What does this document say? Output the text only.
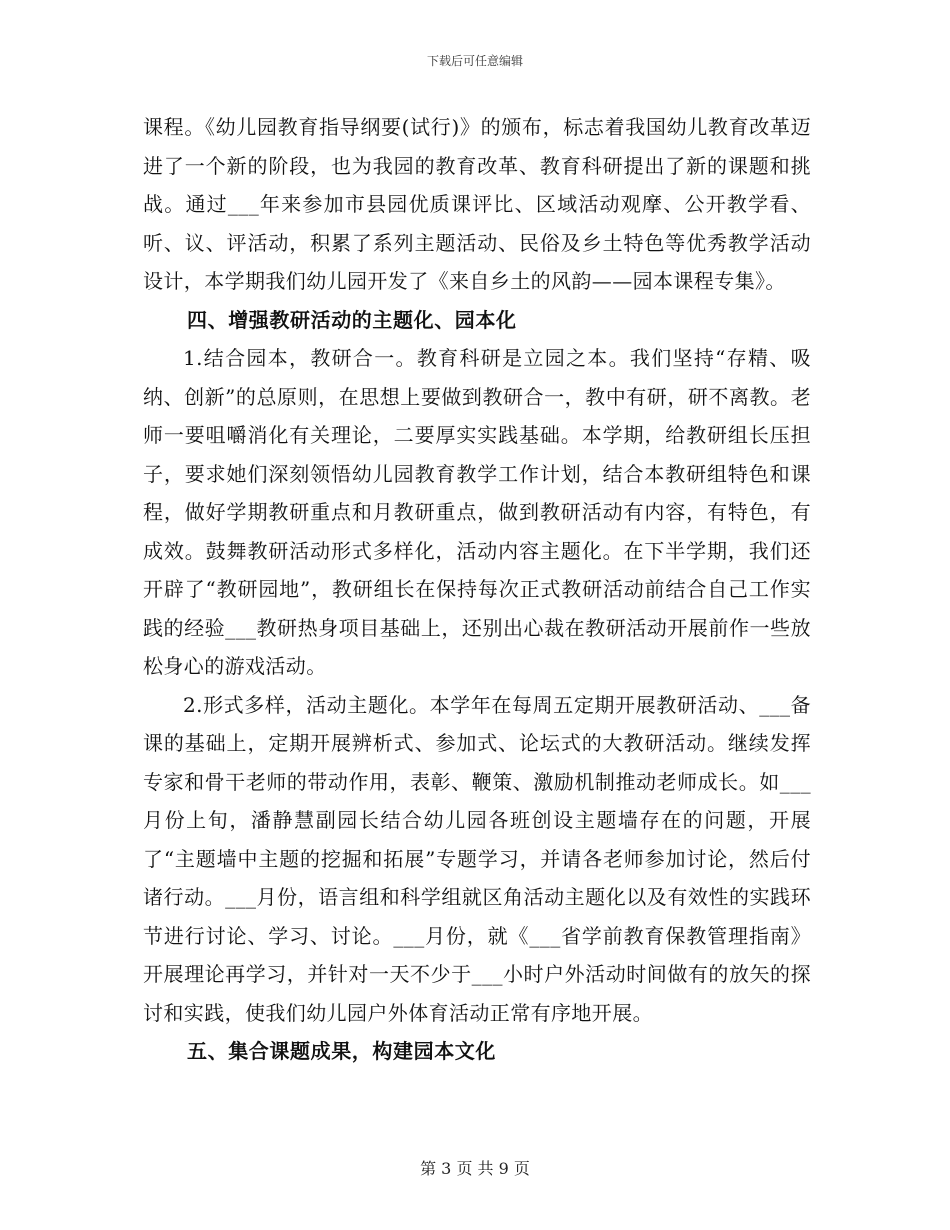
下载后可任意编辑

课程。《幼儿园教育指导纲要(试行)》的颁布，标志着我国幼儿教育改革迈进了一个新的阶段，也为我园的教育改革、教育科研提出了新的课题和挑战。通过___年来参加市县园优质课评比、区域活动观摩、公开教学看、听、议、评活动，积累了系列主题活动、民俗及乡土特色等优秀教学活动设计，本学期我们幼儿园开发了《来自乡土的风韵——园本课程专集》。

四、增强教研活动的主题化、园本化

1.结合园本，教研合一。教育科研是立园之本。我们坚持“存精、吸纳、创新”的总原则，在思想上要做到教研合一，教中有研，研不离教。老师一要咀嚼消化有关理论，二要厚实实践基础。本学期，给教研组长压担子，要求她们深刻领悟幼儿园教育教学工作计划，结合本教研组特色和课程，做好学期教研重点和月教研重点，做到教研活动有内容，有特色，有成效。鼓舞教研活动形式多样化，活动内容主题化。在下半学期，我们还开辟了“教研园地”，教研组长在保持每次正式教研活动前结合自己工作实践的经验___教研热身项目基础上，还别出心裁在教研活动开展前作一些放松身心的游戏活动。

2.形式多样，活动主题化。本学年在每周五定期开展教研活动、___备课的基础上，定期开展辨析式、参加式、论坛式的大教研活动。继续发挥专家和骨干老师的带动作用，表彰、鞭策、激励机制推动老师成长。如___月份上旬，潘静慧副园长结合幼儿园各班创设主题墙存在的问题，开展了“主题墙中主题的挖掘和拓展”专题学习，并请各老师参加讨论，然后付诸行动。___月份，语言组和科学组就区角活动主题化以及有效性的实践环节进行讨论、学习、讨论。___月份，就《___省学前教育保教管理指南》开展理论再学习，并针对一天不少于___小时户外活动时间做有的放矢的探讨和实践，使我们幼儿园户外体育活动正常有序地开展。

五、集合课题成果，构建园本文化

第 3 页 共 9 页
